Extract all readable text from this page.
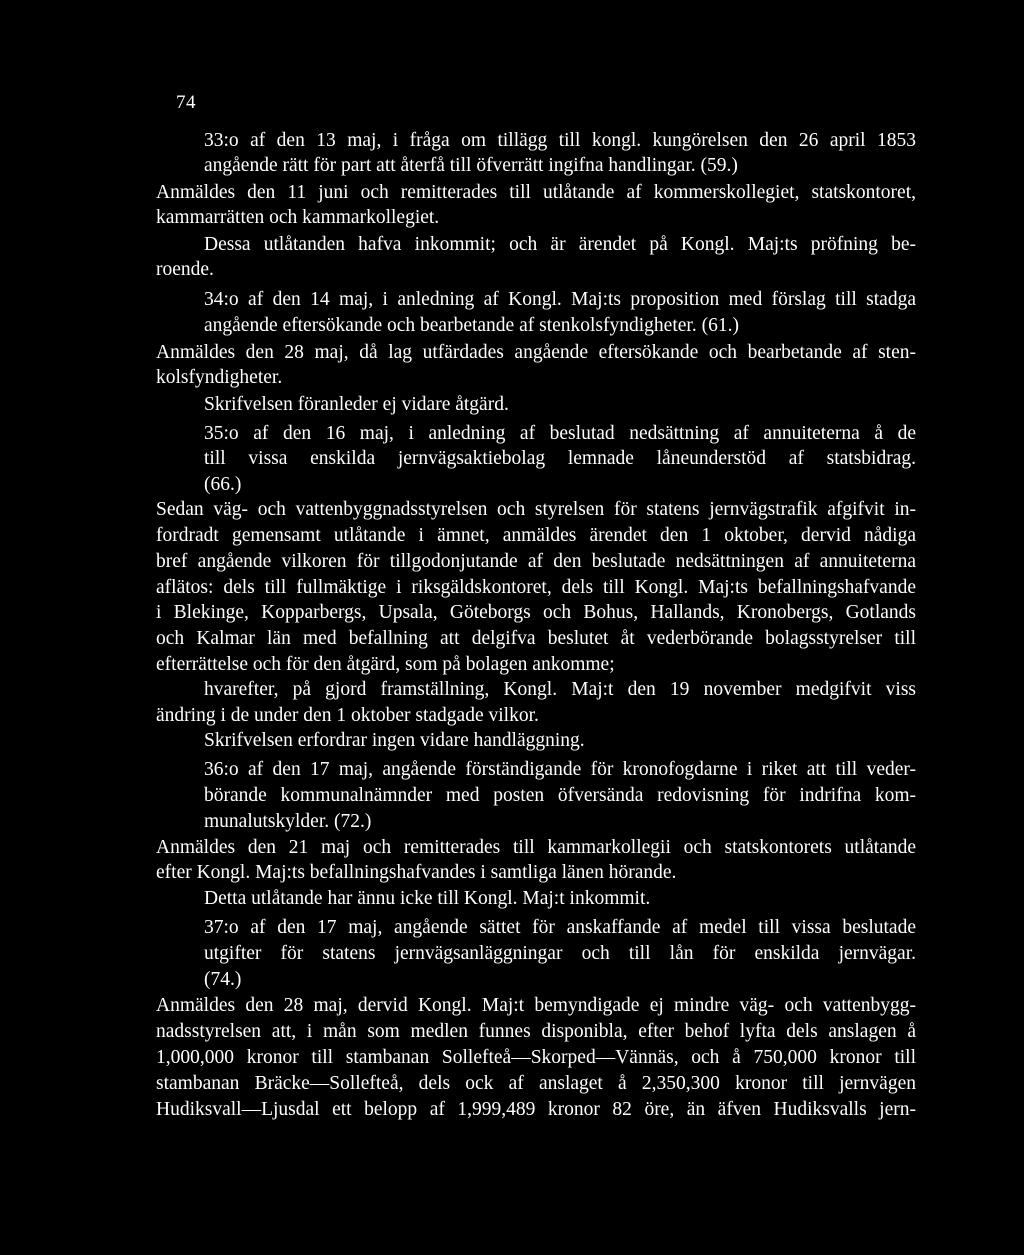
74
33:o af den 13 maj, i fråga om tillägg till kongl. kungörelsen den 26 april 1853
angående rätt för part att återfå till öfverrätt ingifna handlingar. (59.)
Anmäldes den 11 juni och remitterades till utlåtande af kommerskollegiet, statskontoret,
kammarrätten och kammarkollegiet.
Dessa utlåtanden hafva inkommit; och är ärendet på Kongl. Maj:ts pröfning be-
roende.
34:o af den 14 maj, i anledning af Kongl. Maj:ts proposition med förslag till stadga
angående eftersökande och bearbetande af stenkolsfyndigheter. (61.)
Anmäldes den 28 maj, då lag utfärdades angående eftersökande och bearbetande af sten-
kolsfyndigheter.
Skrifvelsen föranleder ej vidare åtgärd.
35:o af den 16 maj, i anledning af beslutad nedsättning af annuiteterna å de
till vissa enskilda jernvägsaktiebolag lemnade låneunderstöd af statsbidrag.
(66.)
Sedan väg- och vattenbyggnadsstyrelsen och styrelsen för statens jernvägstrafik afgifvit in-
fordradt gemensamt utlåtande i ämnet, anmäldes ärendet den 1 oktober, dervid nådiga
bref angående vilkoren för tillgodonjutande af den beslutade nedsättningen af annuiteterna
aflätos: dels till fullmäktige i riksgäldskontoret, dels till Kongl. Maj:ts befallningshafvande
i Blekinge, Kopparbergs, Upsala, Göteborgs och Bohus, Hallands, Kronobergs, Gotlands
och Kalmar län med befallning att delgifva beslutet åt vederbörande bolagsstyrelser till
efterrättelse och för den åtgärd, som på bolagen ankomme;
hvarefter, på gjord framställning, Kongl. Maj:t den 19 november medgifvit viss
ändring i de under den 1 oktober stadgade vilkor.
Skrifvelsen erfordrar ingen vidare handläggning.
36:o af den 17 maj, angående förständigande för kronofogdarne i riket att till veder-
börande kommunalnämnder med posten öfversända redovisning för indrifna kom-
munalutskylder. (72.)
Anmäldes den 21 maj och remitterades till kammarkollegii och statskontorets utlåtande
efter Kongl. Maj:ts befallningshafvandes i samtliga länen hörande.
Detta utlåtande har ännu icke till Kongl. Maj:t inkommit.
37:o af den 17 maj, angående sättet för anskaffande af medel till vissa beslutade
utgifter för statens jernvägsanläggningar och till lån för enskilda jernvägar.
(74.)
Anmäldes den 28 maj, dervid Kongl. Maj:t bemyndigade ej mindre väg- och vattenbygg-
nadsstyrelsen att, i mån som medlen funnes disponibla, efter behof lyfta dels anslagen å
1,000,000 kronor till stambanan Sollefteå—Skorped—Vännäs, och å 750,000 kronor till
stambanan Bräcke—Sollefteå, dels ock af anslaget å 2,350,300 kronor till jernvägen
Hudiksvall—Ljusdal ett belopp af 1,999,489 kronor 82 öre, än äfven Hudiksvalls jern-
